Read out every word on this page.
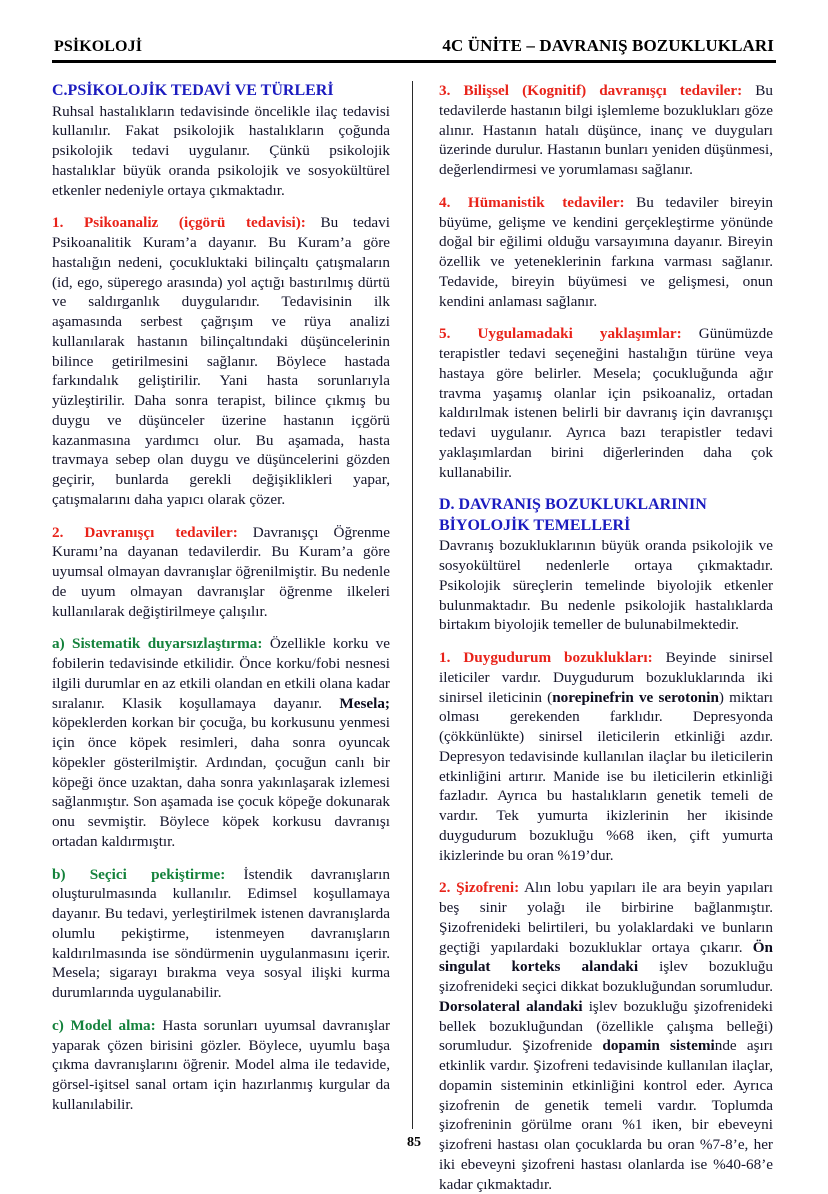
PSİKOLOJİ	4C ÜNİTE – DAVRANIŞ BOZUKLUKLARI
C.PSİKOLOJİK TEDAVİ VE TÜRLERİ

Ruhsal hastalıkların tedavisinde öncelikle ilaç tedavisi kullanılır. Fakat psikolojik hastalıkların çoğunda psikolojik tedavi uygulanır. Çünkü psikolojik hastalıklar büyük oranda psikolojik ve sosyokültürel etkenler nedeniyle ortaya çıkmaktadır.

1. Psikoanaliz (içgörü tedavisi): Bu tedavi Psikoanalitik Kuram’a dayanır. Bu Kuram’a göre hastalığın nedeni, çocukluktaki bilinçaltı çatışmaların (id, ego, süperego arasında) yol açtığı bastırılmış dürtü ve saldırganlık duygularıdır. Tedavisinin ilk aşamasında serbest çağrışım ve rüya analizi kullanılarak hastanın bilinçaltındaki düşüncelerinin bilince getirilmesini sağlanır. Böylece hastada farkındalık geliştirilir. Yani hasta sorunlarıyla yüzleştirilir. Daha sonra terapist, bilince çıkmış bu duygu ve düşünceler üzerine hastanın içgörü kazanmasına yardımcı olur. Bu aşamada, hasta travmaya sebep olan duygu ve düşüncelerini gözden geçirir, bunlarda gerekli değişiklikleri yapar, çatışmalarını daha yapıcı olarak çözer.

2. Davranışçı tedaviler: Davranışçı Öğrenme Kuramı’na dayanan tedavilerdir. Bu Kuram’a göre uyumsal olmayan davranışlar öğrenilmiştir. Bu nedenle de uyum olmayan davranışlar öğrenme ilkeleri kullanılarak değiştirilmeye çalışılır.

a) Sistematik duyarsızlaştırma: Özellikle korku ve fobilerin tedavisinde etkilidir. Önce korku/fobi nesnesi ilgili durumlar en az etkili olandan en etkili olana kadar sıralanır. Klasik koşullamaya dayanır. Mesela; köpeklerden korkan bir çocuğa, bu korkusunu yenmesi için önce köpek resimleri, daha sonra oyuncak köpekler gösterilmiştir. Ardından, çocuğun canlı bir köpeği önce uzaktan, daha sonra yakınlaşarak izlemesi sağlanmıştır. Son aşamada ise çocuk köpeğe dokunarak onu sevmiştir. Böylece köpek korkusu davranışı ortadan kaldırmıştır.

b) Seçici pekiştirme: İstendik davranışların oluşturulmasında kullanılır. Edimsel koşullamaya dayanır. Bu tedavi, yerleştirilmek istenen davranışlarda olumlu pekiştirme, istenmeyen davranışların kaldırılmasında ise söndürmenin uygulanmasını içerir. Mesela; sigarayı bırakma veya sosyal ilişki kurma durumlarında uygulanabilir.

c) Model alma: Hasta sorunları uyumsal davranışlar yaparak çözen birisini gözler. Böylece, uyumlu başa çıkma davranışlarını öğrenir. Model alma ile tedavide, görsel-işitsel sanal ortam için hazırlanmış kurgular da kullanılabilir.

3. Bilişsel (Kognitif) davranışçı tedaviler: Bu tedavilerde hastanın bilgi işlemleme bozuklukları göze alınır. Hastanın hatalı düşünce, inanç ve duyguları üzerinde durulur. Hastanın bunları yeniden düşünmesi, değerlendirmesi ve yorumlaması sağlanır.

4. Hümanistik tedaviler: Bu tedaviler bireyin büyüme, gelişme ve kendini gerçekleştirme yönünde doğal bir eğilimi olduğu varsayımına dayanır. Bireyin özellik ve yeteneklerinin farkına varması sağlanır. Tedavide, bireyin büyümesi ve gelişmesi, onun kendini anlaması sağlanır.

5. Uygulamadaki yaklaşımlar: Günümüzde terapistler tedavi seçeneğini hastalığın türüne veya hastaya göre belirler. Mesela; çocukluğunda ağır travma yaşamış olanlar için psikoanaliz, ortadan kaldırılmak istenen belirli bir davranış için davranışçı tedavi uygulanır. Ayrıca bazı terapistler tedavi yaklaşımlardan birini diğerlerinden daha çok kullanabilir.

D. DAVRANIŞ BOZUKLUKLARININ
BİYOLOJİK TEMELLERİ

Davranış bozukluklarının büyük oranda psikolojik ve sosyokültürel nedenlerle ortaya çıkmaktadır. Psikolojik süreçlerin temelinde biyolojik etkenler bulunmaktadır. Bu nedenle psikolojik hastalıklarda birtakım biyolojik temeller de bulunabilmektedir.

1. Duygudurum bozuklukları: Beyinde sinirsel ileticiler vardır. Duygudurum bozukluklarında iki sinirsel ileticinin (norepinefrin ve serotonin) miktarı olması gerekenden farklıdır. Depresyonda (çökkünlükte) sinirsel ileticilerin etkinliği azdır. Depresyon tedavisinde kullanılan ilaçlar bu ileticilerin etkinliğini artırır. Manide ise bu ileticilerin etkinliği fazladır. Ayrıca bu hastalıkların genetik temeli de vardır. Tek yumurta ikizlerinin her ikisinde duygudurum bozukluğu %68 iken, çift yumurta ikizlerinde bu oran %19’dur.

2. Şizofreni: Alın lobu yapıları ile ara beyin yapıları beş sinir yolağı ile birbirine bağlanmıştır. Şizofrenideki belirtileri, bu yolaklardaki ve bunların geçtiği yapılardaki bozukluklar ortaya çıkarır. Ön singulat korteks alandaki işlev bozukluğu şizofrenideki seçici dikkat bozukluğundan sorumludur. Dorsolateral alandaki işlev bozukluğu şizofrenideki bellek bozukluğundan (özellikle çalışma belleği) sorumludur. Şizofrenide dopamin sisteminde aşırı etkinlik vardır. Şizofreni tedavisinde kullanılan ilaçlar, dopamin sisteminin etkinliğini kontrol eder. Ayrıca şizofrenin de genetik temeli vardır. Toplumda şizofreninin görülme oranı %1 iken, bir ebeveyni şizofreni hastası olan çocuklarda bu oran %7-8’e, her iki ebeveyni şizofreni hastası olanlarda ise %40-68’e kadar çıkmaktadır.

85
